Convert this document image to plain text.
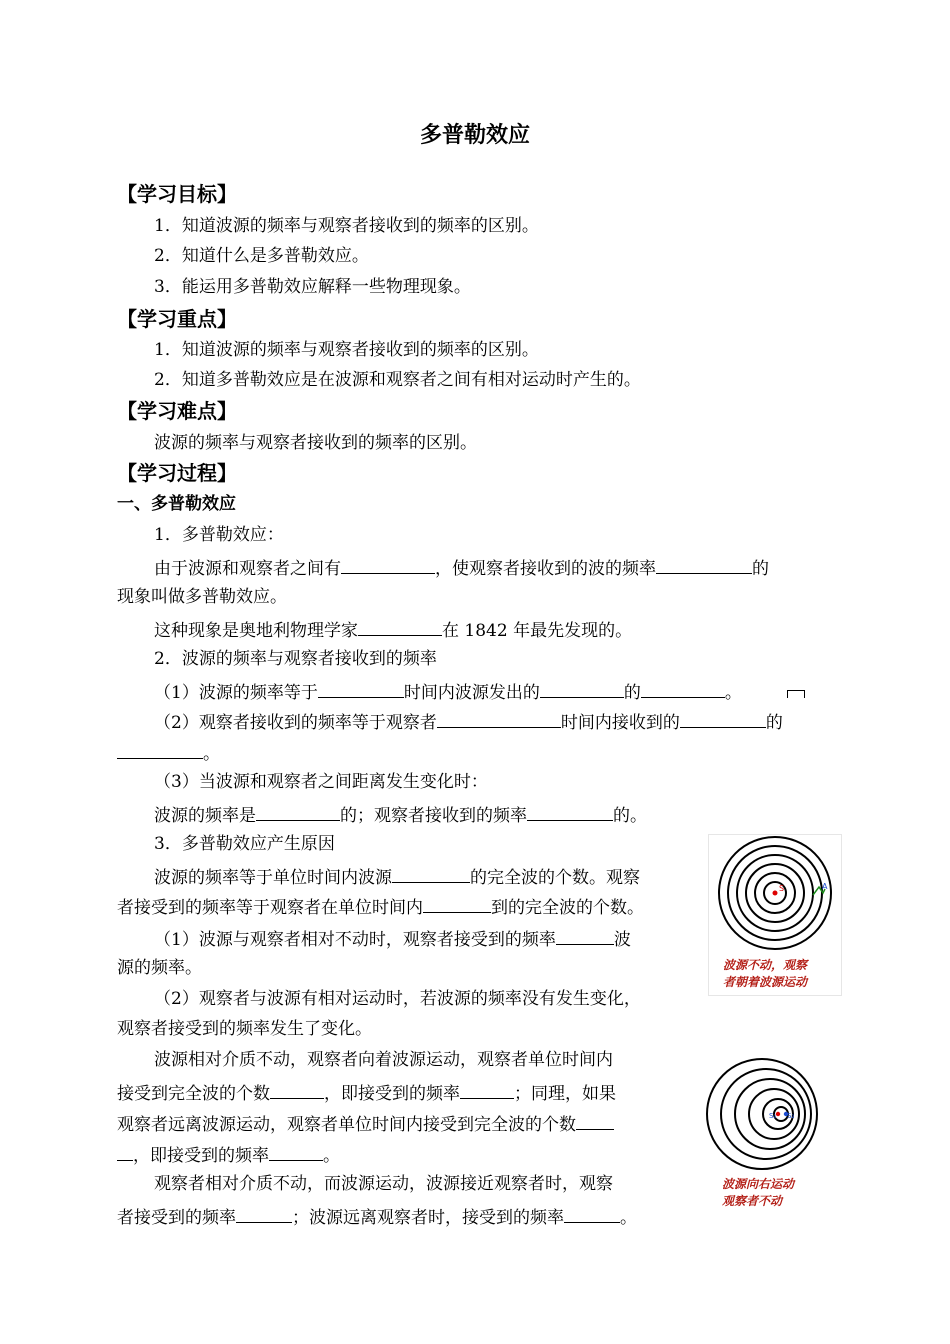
多普勒效应
【学习目标】
1．知道波源的频率与观察者接收到的频率的区别。
2．知道什么是多普勒效应。
3．能运用多普勒效应解释一些物理现象。
【学习重点】
1．知道波源的频率与观察者接收到的频率的区别。
2．知道多普勒效应是在波源和观察者之间有相对运动时产生的。
【学习难点】
波源的频率与观察者接收到的频率的区别。
【学习过程】
一、多普勒效应
1．多普勒效应：
由于波源和观察者之间有	，使观察者接收到的波的频率	的
现象叫做多普勒效应。
这种现象是奥地利物理学家	在 1842 年最先发现的。
2．波源的频率与观察者接收到的频率
（1）波源的频率等于	时间内波源发出的	的	。
（2）观察者接收到的频率等于观察者	时间内接收到的	的
。
（3）当波源和观察者之间距离发生变化时：
波源的频率是	的；观察者接收到的频率	的。
3．多普勒效应产生原因
波源的频率等于单位时间内波源	的完全波的个数。观察
者接受到的频率等于观察者在单位时间内	到的完全波的个数。
（1）波源与观察者相对不动时，观察者接受到的频率	波
源的频率。
（2）观察者与波源有相对运动时，若波源的频率没有发生变化，
观察者接受到的频率发生了变化。
波源相对介质不动，观察者向着波源运动，观察者单位时间内
接受到完全波的个数	，即接受到的频率	；同理，如果
观察者远离波源运动，观察者单位时间内接受到完全波的个数
，即接受到的频率	。
观察者相对介质不动，而波源运动，波源接近观察者时，观察
者接受到的频率	；波源远离观察者时，接受到的频率	。
S	A
波源不动，观察
者朝着波源运动
S₁ S₂
波源向右运动
观察者不动
